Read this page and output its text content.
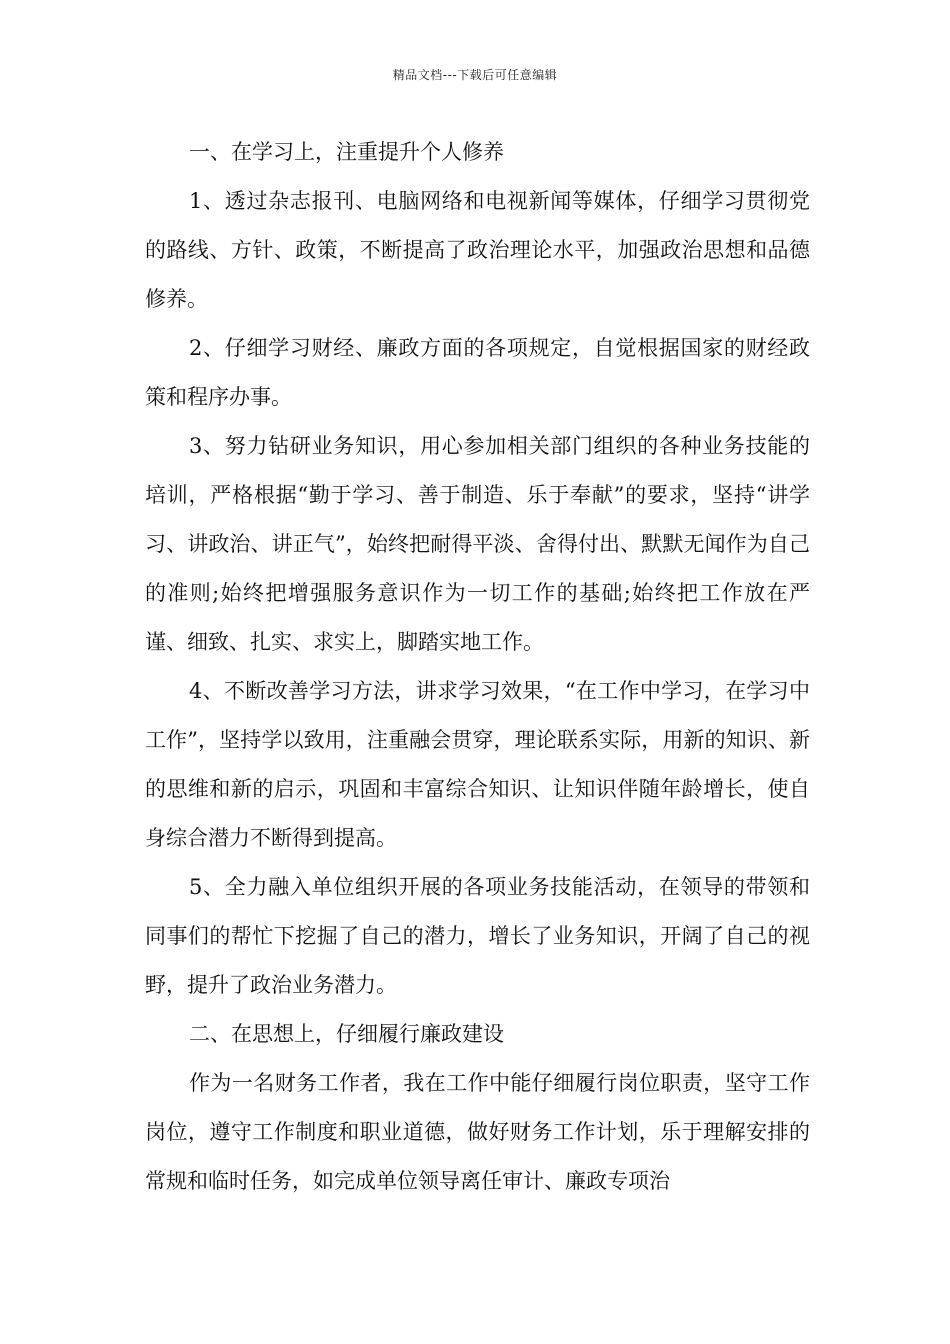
精品文档---下载后可任意编辑

一、在学习上，注重提升个人修养

1、透过杂志报刊、电脑网络和电视新闻等媒体，仔细学习贯彻党的路线、方针、政策，不断提高了政治理论水平，加强政治思想和品德修养。

2、仔细学习财经、廉政方面的各项规定，自觉根据国家的财经政策和程序办事。

3、努力钻研业务知识，用心参加相关部门组织的各种业务技能的培训，严格根据“勤于学习、善于制造、乐于奉献”的要求，坚持“讲学习、讲政治、讲正气”，始终把耐得平淡、舍得付出、默默无闻作为自己的准则;始终把增强服务意识作为一切工作的基础;始终把工作放在严谨、细致、扎实、求实上，脚踏实地工作。

4、不断改善学习方法，讲求学习效果，“在工作中学习，在学习中工作”，坚持学以致用，注重融会贯穿，理论联系实际，用新的知识、新的思维和新的启示，巩固和丰富综合知识、让知识伴随年龄增长，使自身综合潜力不断得到提高。

5、全力融入单位组织开展的各项业务技能活动，在领导的带领和同事们的帮忙下挖掘了自己的潜力，增长了业务知识，开阔了自己的视野，提升了政治业务潜力。

二、在思想上，仔细履行廉政建设

作为一名财务工作者，我在工作中能仔细履行岗位职责，坚守工作岗位，遵守工作制度和职业道德，做好财务工作计划，乐于理解安排的常规和临时任务，如完成单位领导离任审计、廉政专项治
